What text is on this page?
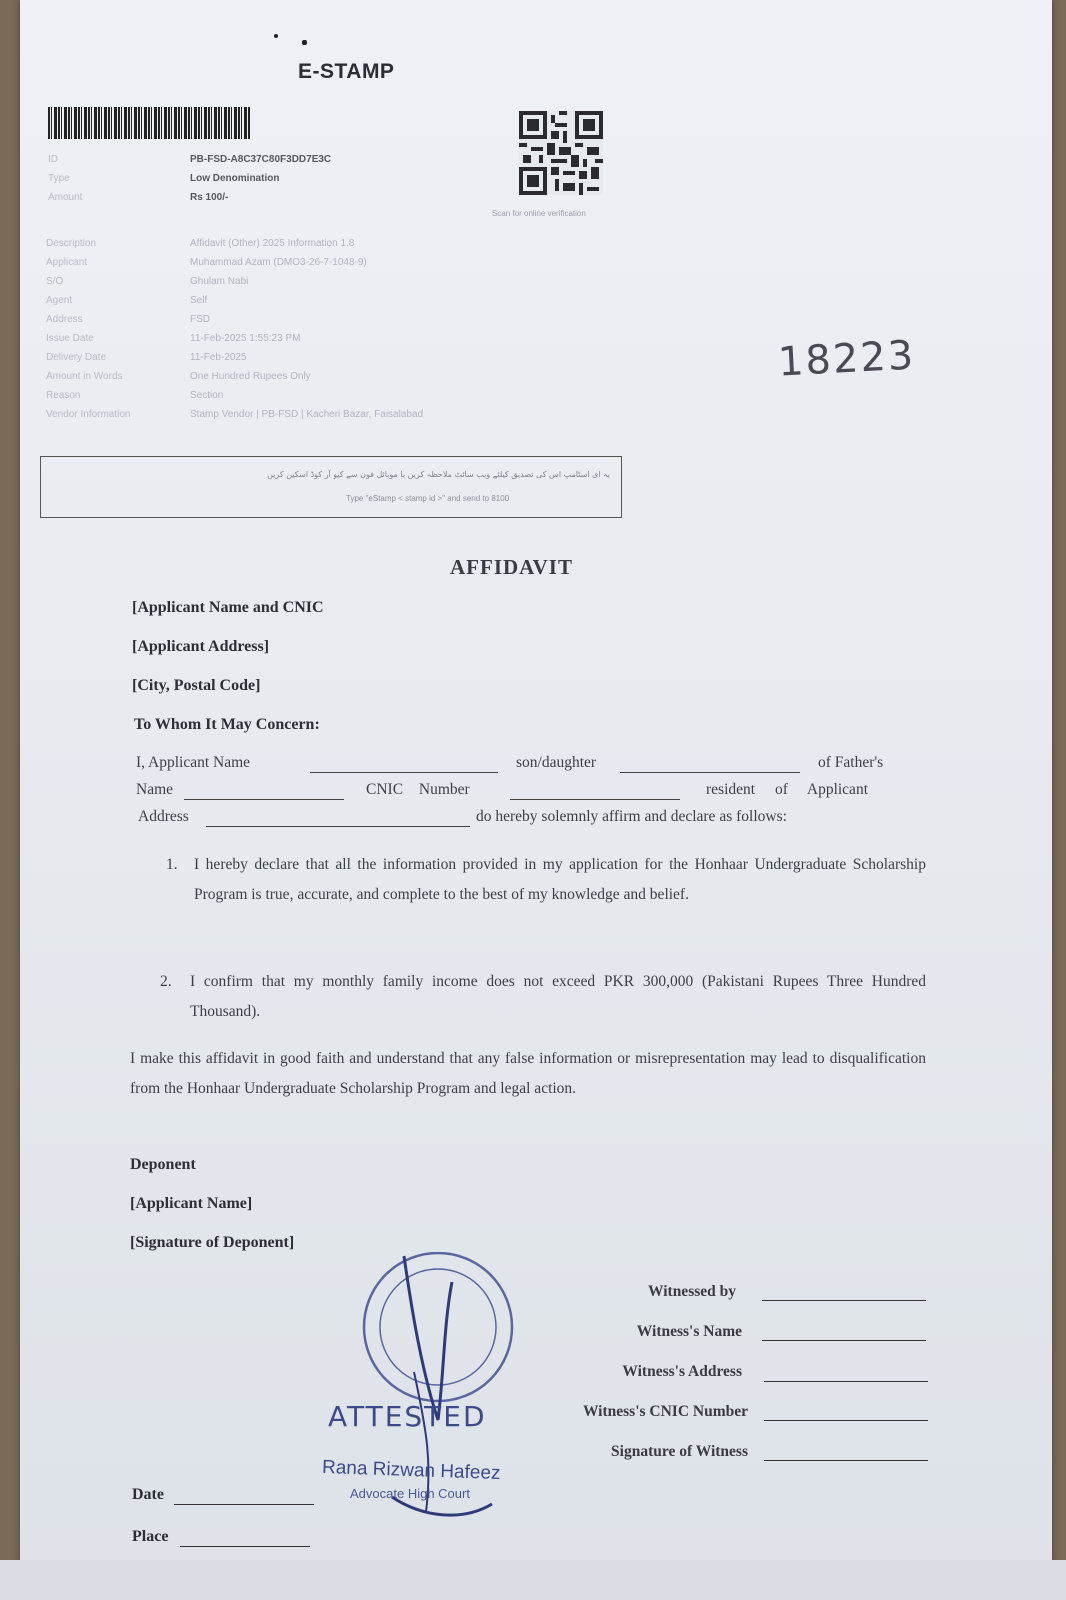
E-STAMP
Scan for online verification
ID	PB-FSD-A8C37C80F3DD7E3C
Type	Low Denomination
Amount	Rs 100/-
Description	Affidavit (Other) 2025 Information 1.8
Applicant	Muhammad Azam (DMO3-26-7-1048-9)
S/O	Ghulam Nabi
Agent	Self
Address	FSD
Issue Date	11-Feb-2025 1:55:23 PM
Delivery Date	11-Feb-2025
Amount in Words	One Hundred Rupees Only
Reason	Section
Vendor Information	Stamp Vendor | PB-FSD | Kacheri Bazar, Faisalabad
18223
یہ ای اسٹامپ اس کی تصدیق کیلئے ویب سائٹ ملاحظہ کریں یا موبائل فون سے کیو آر کوڈ اسکین کریں
Type "eStamp < stamp id >" and send to 8100
AFFIDAVIT
[Applicant Name and CNIC
[Applicant Address]
[City, Postal Code]
To Whom It May Concern:
I, Applicant Name	son/daughter	of Father's
Name	CNIC Number	resident of Applicant
Address	do hereby solemnly affirm and declare as follows:
1. I hereby declare that all the information provided in my application for the Honhaar Undergraduate Scholarship Program is true, accurate, and complete to the best of my knowledge and belief.
2. I confirm that my monthly family income does not exceed PKR 300,000 (Pakistani Rupees Three Hundred Thousand).
I make this affidavit in good faith and understand that any false information or misrepresentation may lead to disqualification from the Honhaar Undergraduate Scholarship Program and legal action.
Deponent
[Applicant Name]
[Signature of Deponent]
ATTESTED
Rana Rizwan Hafeez
Advocate High Court
Witnessed by
Witness's Name
Witness's Address
Witness's CNIC Number
Signature of Witness
Date
Place
